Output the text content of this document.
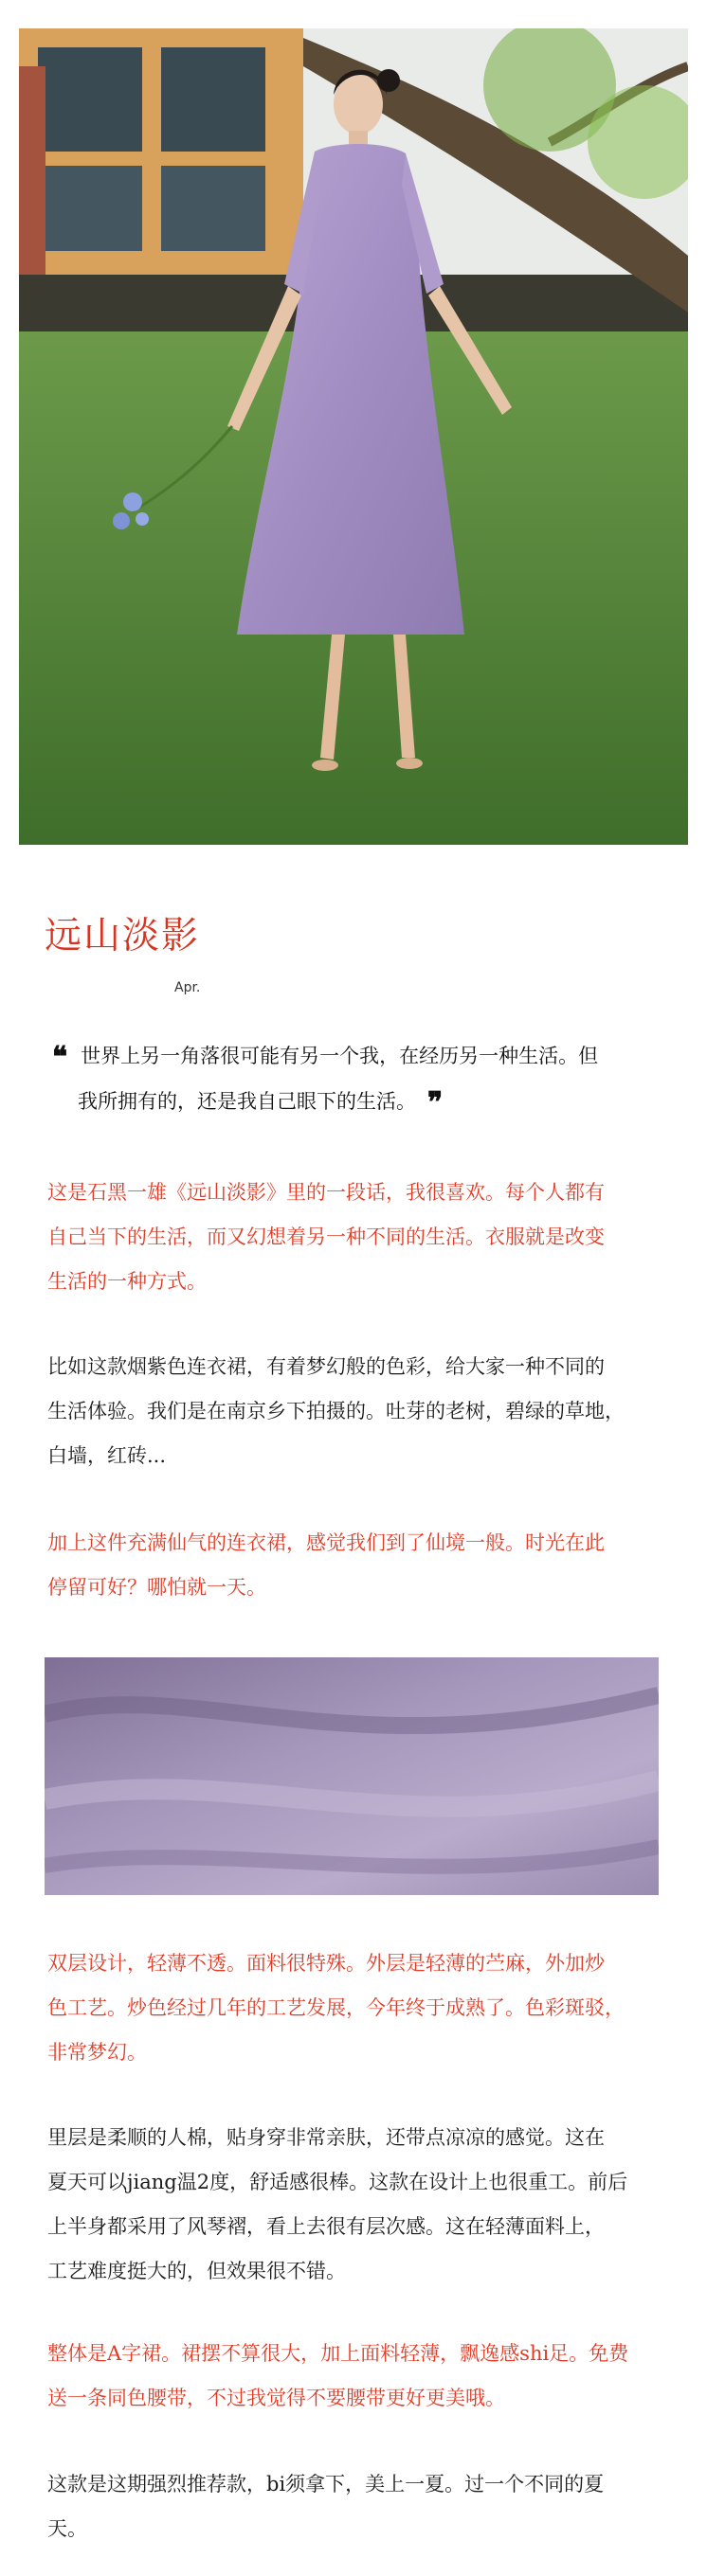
远山淡影
Apr.
❝ 世界上另一角落很可能有另一个我，在经历另一种生活。但
我所拥有的，还是我自己眼下的生活。 ❞
这是石黑一雄《远山淡影》里的一段话，我很喜欢。每个人都有
自己当下的生活，而又幻想着另一种不同的生活。衣服就是改变
生活的一种方式。
比如这款烟紫色连衣裙，有着梦幻般的色彩，给大家一种不同的
生活体验。我们是在南京乡下拍摄的。吐芽的老树，碧绿的草地，
白墙，红砖...
加上这件充满仙气的连衣裙，感觉我们到了仙境一般。时光在此
停留可好？哪怕就一天。
双层设计，轻薄不透。面料很特殊。外层是轻薄的苎麻，外加炒
色工艺。炒色经过几年的工艺发展，今年终于成熟了。色彩斑驳，
非常梦幻。
里层是柔顺的人棉，贴身穿非常亲肤，还带点凉凉的感觉。这在
夏天可以jiang温2度，舒适感很棒。这款在设计上也很重工。前后
上半身都采用了风琴褶，看上去很有层次感。这在轻薄面料上，
工艺难度挺大的，但效果很不错。
整体是A字裙。裙摆不算很大，加上面料轻薄，飘逸感shi足。免费
送一条同色腰带，不过我觉得不要腰带更好更美哦。
这款是这期强烈推荐款，bi须拿下，美上一夏。过一个不同的夏
天。
